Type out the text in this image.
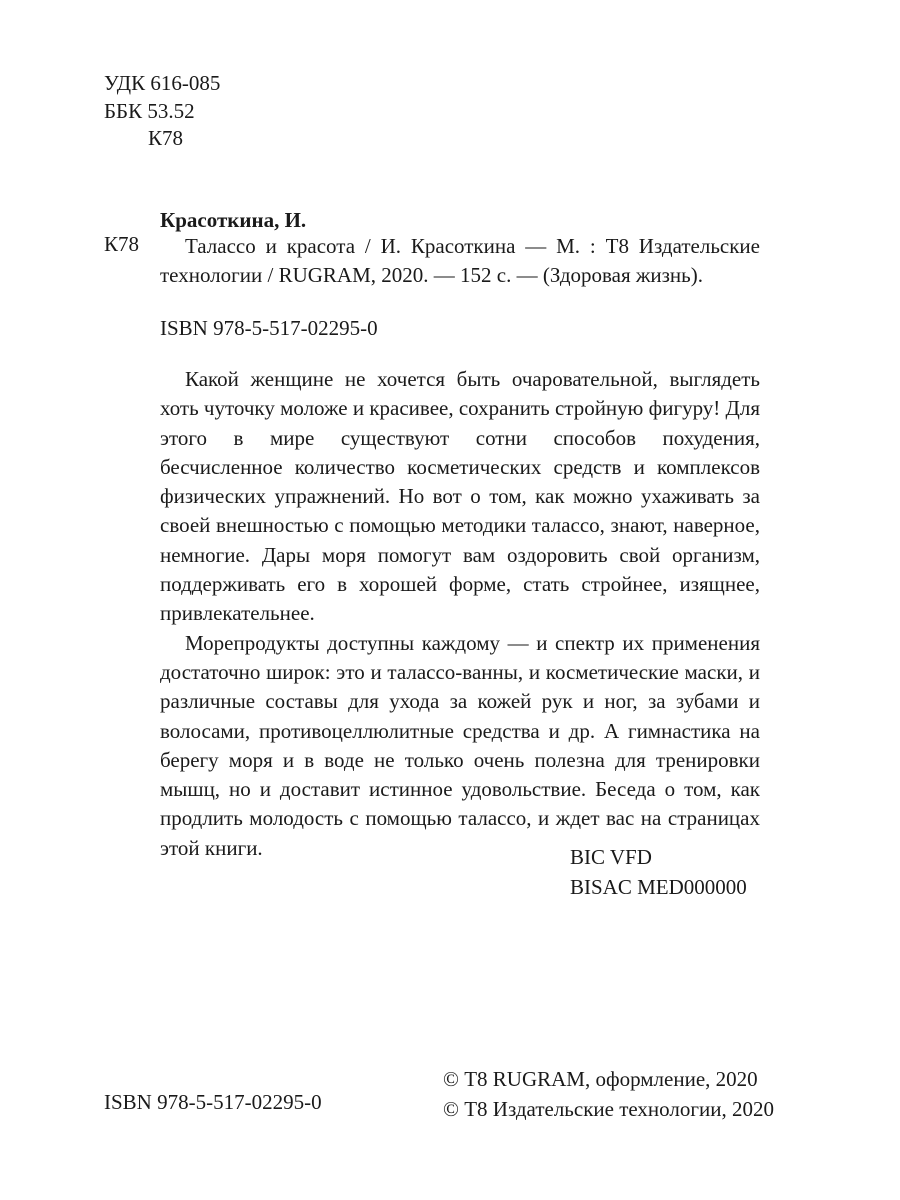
УДК 616-085
ББК 53.52
К78
Красоткина, И.
К78	Талассо и красота / И. Красоткина — М. : Т8 Издательские технологии / RUGRAM, 2020. — 152 с. — (Здоровая жизнь).

ISBN 978-5-517-02295-0

Какой женщине не хочется быть очаровательной, выглядеть хоть чуточку моложе и красивее, сохранить стройную фигуру! Для этого в мире существуют сотни способов похудения, бесчисленное количество косметических средств и комплексов физических упражнений. Но вот о том, как можно ухаживать за своей внешностью с помощью методики талассо, знают, наверное, немногие. Дары моря помогут вам оздоровить свой организм, поддерживать его в хорошей форме, стать стройнее, изящнее, привлекательнее.

Морепродукты доступны каждому — и спектр их применения достаточно широк: это и талассо-ванны, и косметические маски, и различные составы для ухода за кожей рук и ног, за зубами и волосами, противоцеллюлитные средства и др. А гимнастика на берегу моря и в воде не только очень полезна для тренировки мышц, но и доставит истинное удовольствие. Беседа о том, как продлить молодость с помощью талассо, и ждет вас на страницах этой книги.	BIC VFD
BISAC MED000000
ISBN 978-5-517-02295-0
© Т8 RUGRAM, оформление, 2020
© Т8 Издательские технологии, 2020
